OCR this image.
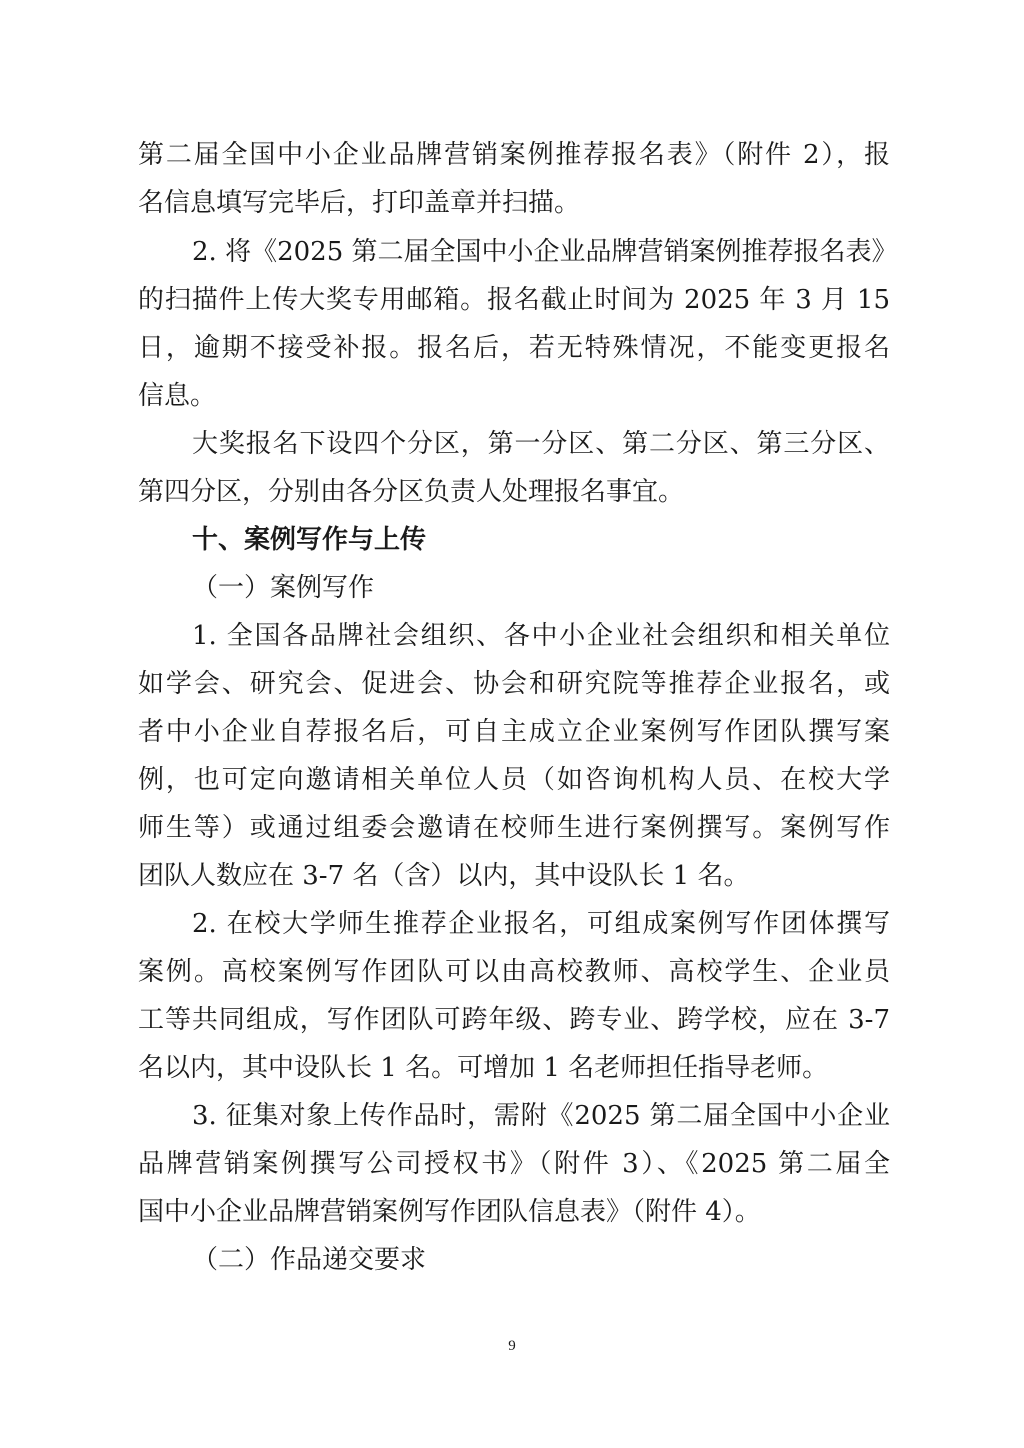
第二届全国中小企业品牌营销案例推荐报名表》（附件 2），报
名信息填写完毕后，打印盖章并扫描。
2. 将《2025 第二届全国中小企业品牌营销案例推荐报名表》
的扫描件上传大奖专用邮箱。报名截止时间为 2025 年 3 月 15
日，逾期不接受补报。报名后，若无特殊情况，不能变更报名
信息。
大奖报名下设四个分区，第一分区、第二分区、第三分区、
第四分区，分别由各分区负责人处理报名事宜。
十、案例写作与上传
（一）案例写作
1. 全国各品牌社会组织、各中小企业社会组织和相关单位
如学会、研究会、促进会、协会和研究院等推荐企业报名，或
者中小企业自荐报名后，可自主成立企业案例写作团队撰写案
例，也可定向邀请相关单位人员（如咨询机构人员、在校大学
师生等）或通过组委会邀请在校师生进行案例撰写。案例写作
团队人数应在 3-7 名（含）以内，其中设队长 1 名。
2. 在校大学师生推荐企业报名，可组成案例写作团体撰写
案例。高校案例写作团队可以由高校教师、高校学生、企业员
工等共同组成，写作团队可跨年级、跨专业、跨学校，应在 3-7
名以内，其中设队长 1 名。可增加 1 名老师担任指导老师。
3. 征集对象上传作品时，需附《2025 第二届全国中小企业
品牌营销案例撰写公司授权书》（附件 3）、《2025 第二届全
国中小企业品牌营销案例写作团队信息表》（附件 4）。
（二）作品递交要求
9
